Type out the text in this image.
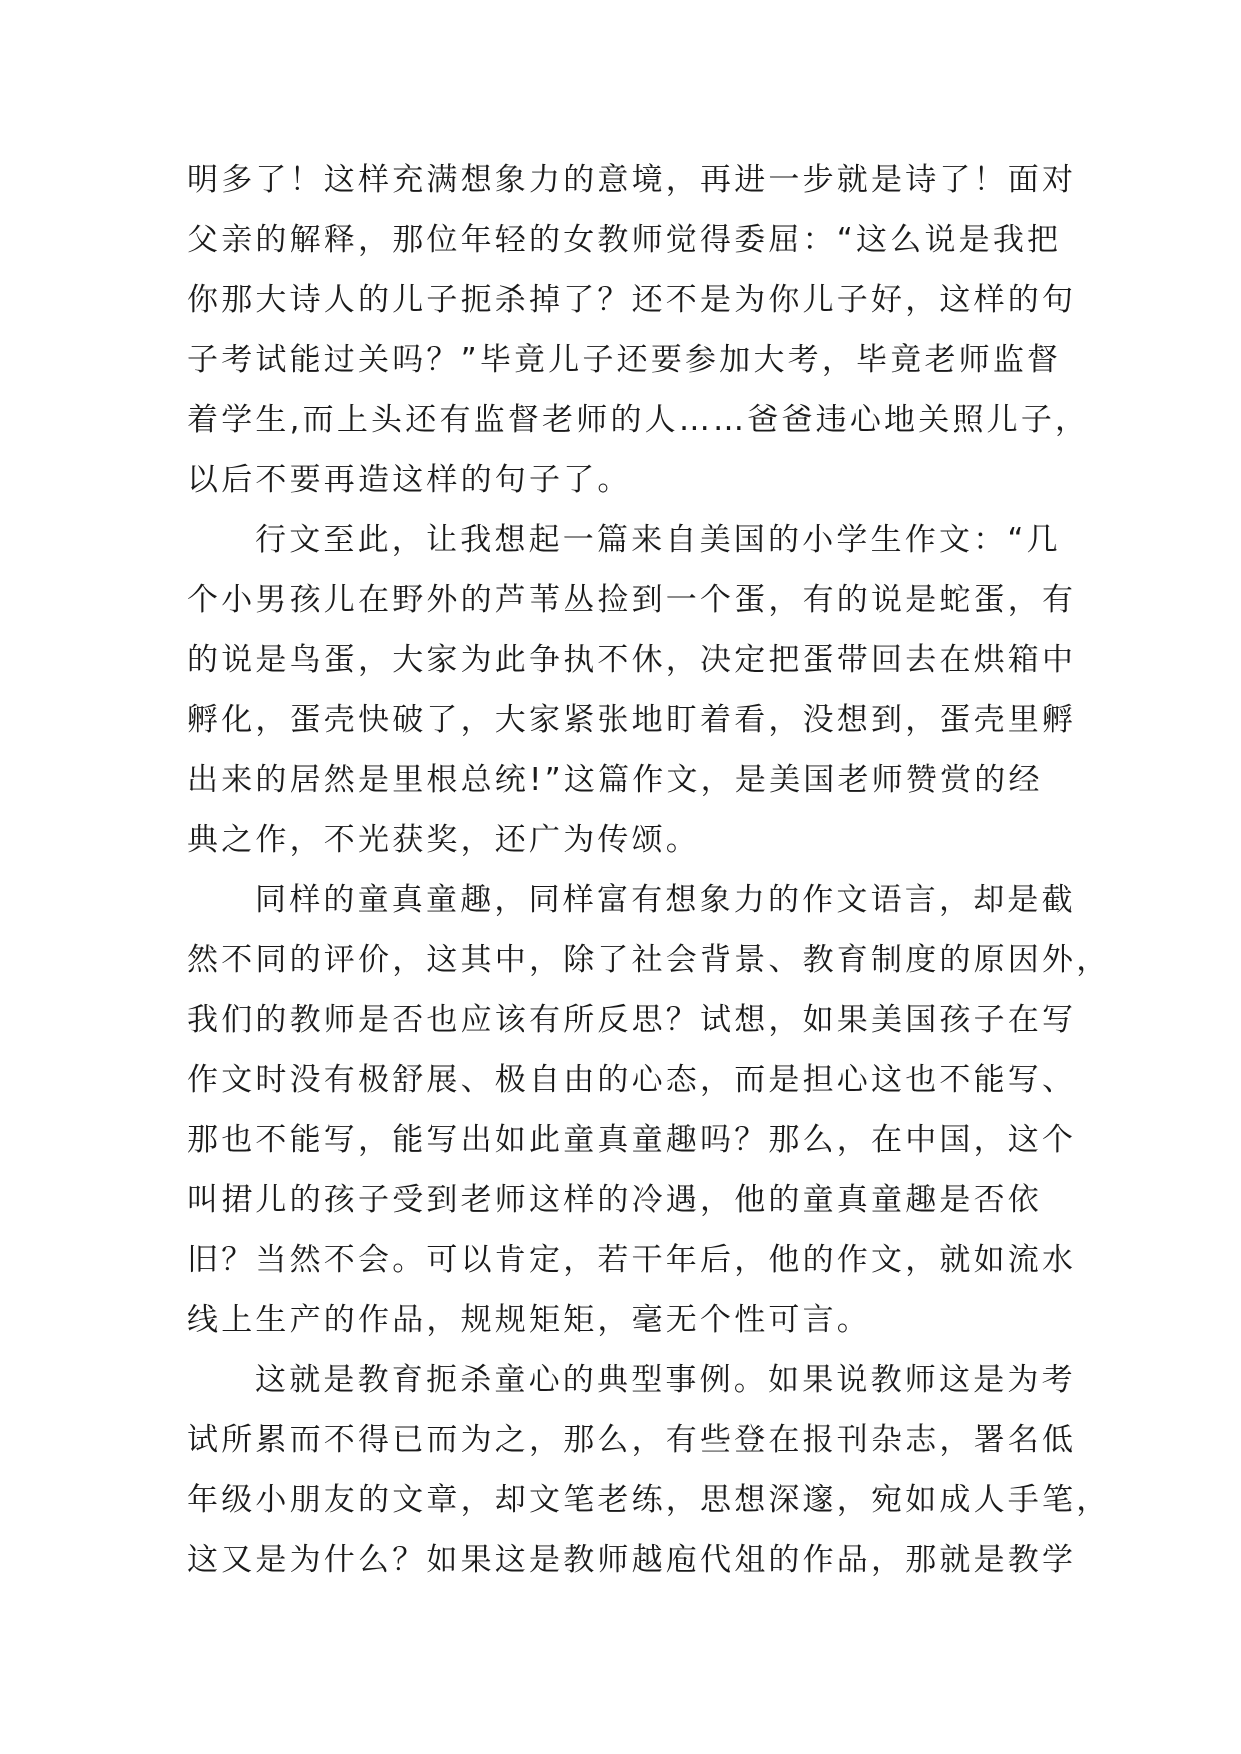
明多了！这样充满想象力的意境，再进一步就是诗了！面对
父亲的解释，那位年轻的女教师觉得委屈：“这么说是我把
你那大诗人的儿子扼杀掉了？还不是为你儿子好，这样的句
子考试能过关吗？”毕竟儿子还要参加大考，毕竟老师监督
着学生,而上头还有监督老师的人……爸爸违心地关照儿子，
以后不要再造这样的句子了。
行文至此，让我想起一篇来自美国的小学生作文：“几
个小男孩儿在野外的芦苇丛捡到一个蛋，有的说是蛇蛋，有
的说是鸟蛋，大家为此争执不休，决定把蛋带回去在烘箱中
孵化，蛋壳快破了，大家紧张地盯着看，没想到，蛋壳里孵
出来的居然是里根总统!”这篇作文，是美国老师赞赏的经
典之作，不光获奖，还广为传颂。
同样的童真童趣，同样富有想象力的作文语言，却是截
然不同的评价，这其中，除了社会背景、教育制度的原因外，
我们的教师是否也应该有所反思？试想，如果美国孩子在写
作文时没有极舒展、极自由的心态，而是担心这也不能写、
那也不能写，能写出如此童真童趣吗？那么，在中国，这个
叫捃儿的孩子受到老师这样的冷遇，他的童真童趣是否依
旧？当然不会。可以肯定，若干年后，他的作文，就如流水
线上生产的作品，规规矩矩，毫无个性可言。
这就是教育扼杀童心的典型事例。如果说教师这是为考
试所累而不得已而为之，那么，有些登在报刊杂志，署名低
年级小朋友的文章，却文笔老练，思想深邃，宛如成人手笔，
这又是为什么？如果这是教师越庖代俎的作品，那就是教学
